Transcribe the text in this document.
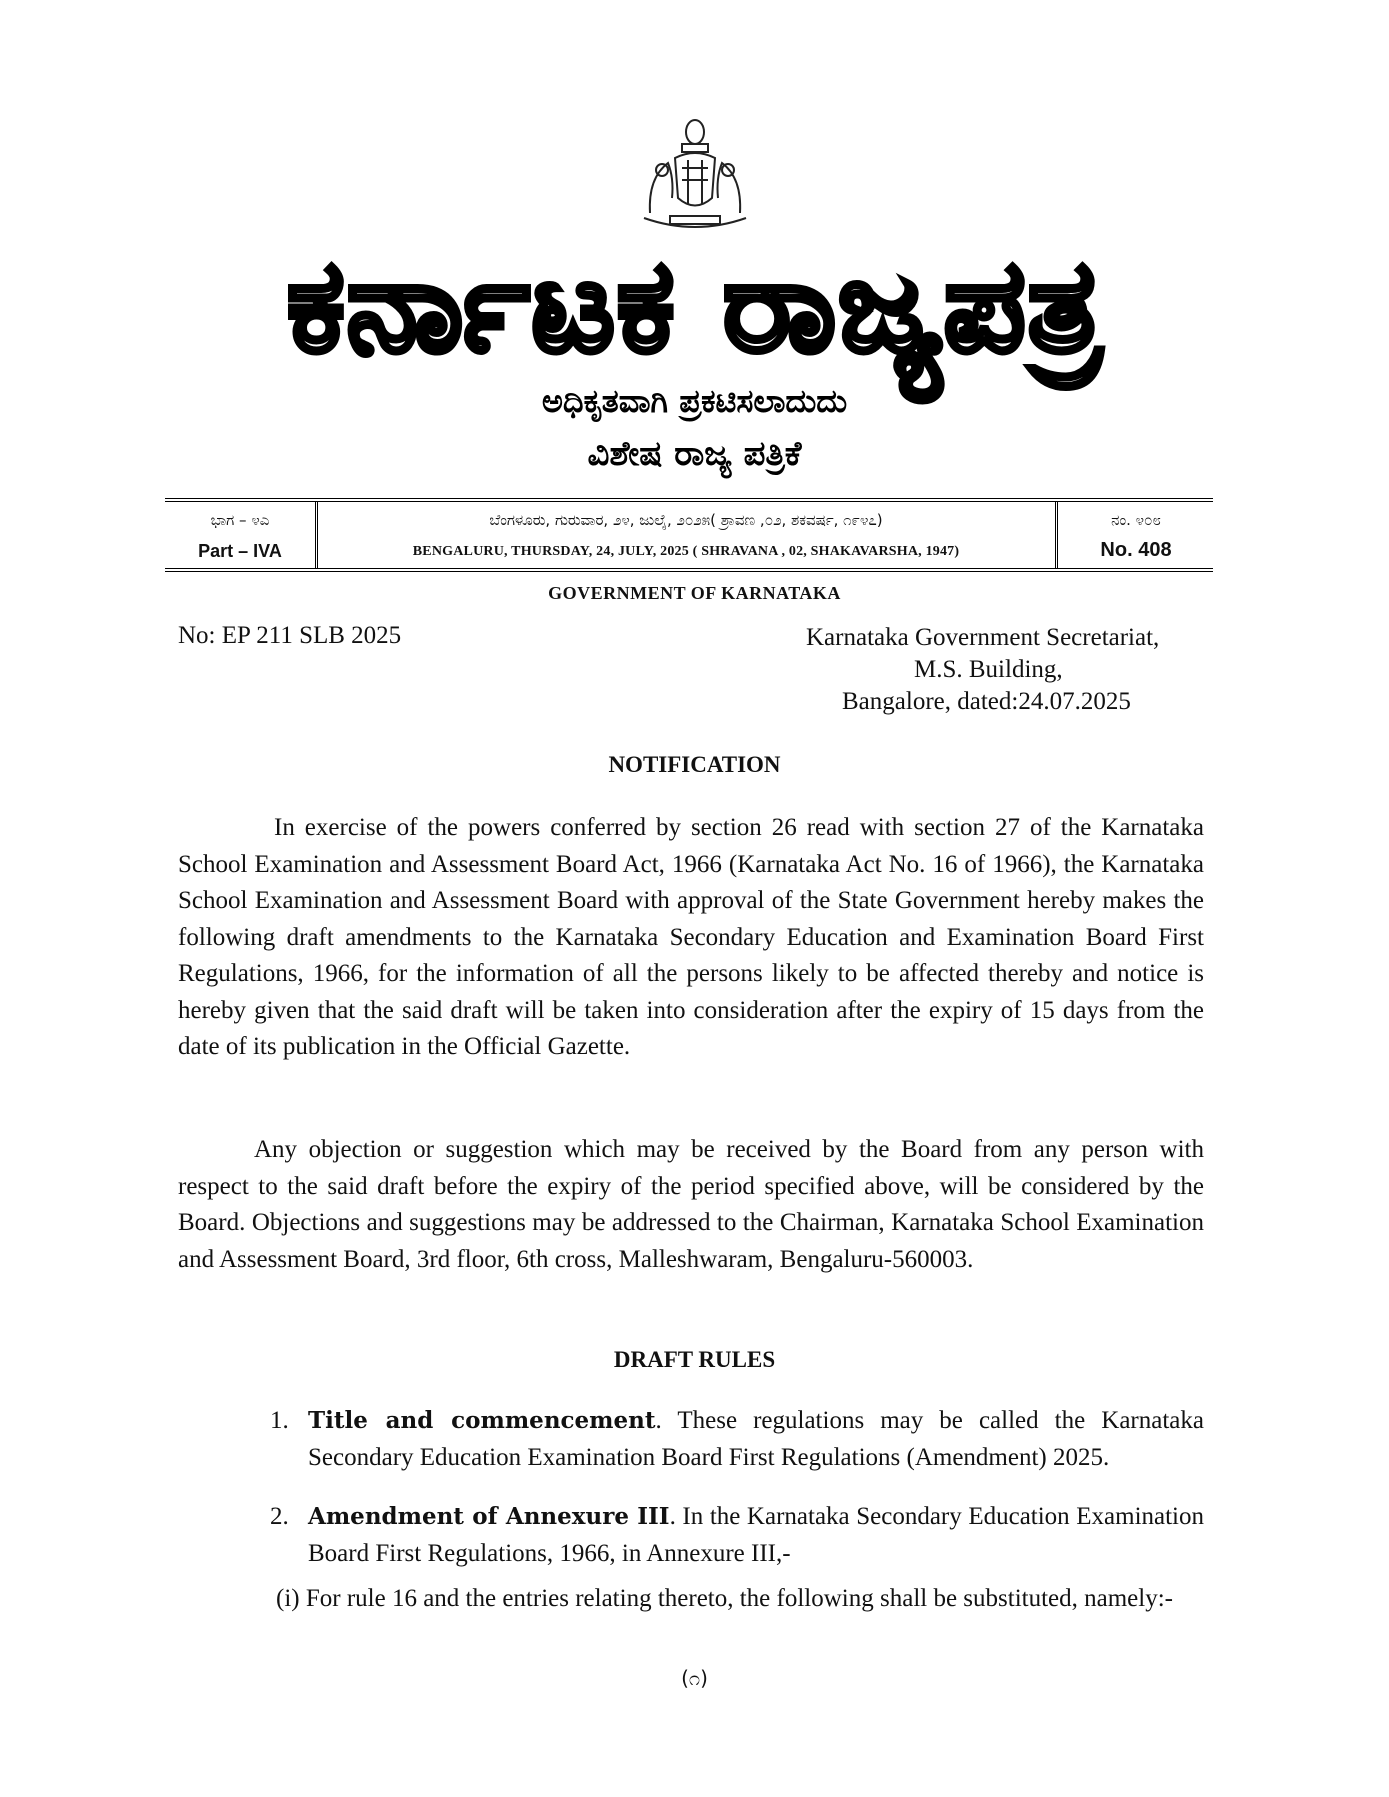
ಕರ್ನಾಟಕ ರಾಜ್ಯಪತ್ರ
ಅಧಿಕೃತವಾಗಿ ಪ್ರಕಟಿಸಲಾದುದು
ವಿಶೇಷ ರಾಜ್ಯ ಪತ್ರಿಕೆ
ಭಾಗ – ೪ಎ
Part – IVA
ಬೆಂಗಳೂರು, ಗುರುವಾರ, ೨೪, ಜುಲೈ, ೨೦೨೫( ಶ್ರಾವಣ ,೦೨, ಶಕವರ್ಷ, ೧೯೪೭)
BENGALURU, THURSDAY, 24, JULY, 2025 ( SHRAVANA , 02, SHAKAVARSHA, 1947)
ನಂ. ೪೦೮
No. 408
GOVERNMENT OF KARNATAKA
No: EP 211 SLB 2025	Karnataka Government Secretariat,
M.S. Building,
Bangalore, dated:24.07.2025
NOTIFICATION
In exercise of the powers conferred by section 26 read with section 27 of the Karnataka School Examination and Assessment Board Act, 1966 (Karnataka Act No. 16 of 1966), the Karnataka School Examination and Assessment Board with approval of the State Government hereby makes the following draft amendments to the Karnataka Secondary Education and Examination Board First Regulations, 1966, for the information of all the persons likely to be affected thereby and notice is hereby given that the said draft will be taken into consideration after the expiry of 15 days from the date of its publication in the Official Gazette.
Any objection or suggestion which may be received by the Board from any person with respect to the said draft before the expiry of the period specified above, will be considered by the Board. Objections and suggestions may be addressed to the Chairman, Karnataka School Examination and Assessment Board, 3rd floor, 6th cross, Malleshwaram, Bengaluru-560003.
DRAFT RULES
1. Title and commencement. These regulations may be called the Karnataka Secondary Education Examination Board First Regulations (Amendment) 2025.
2. Amendment of Annexure III. In the Karnataka Secondary Education Examination Board First Regulations, 1966, in Annexure III,-
(i) For rule 16 and the entries relating thereto, the following shall be substituted, namely:-
(೧)
